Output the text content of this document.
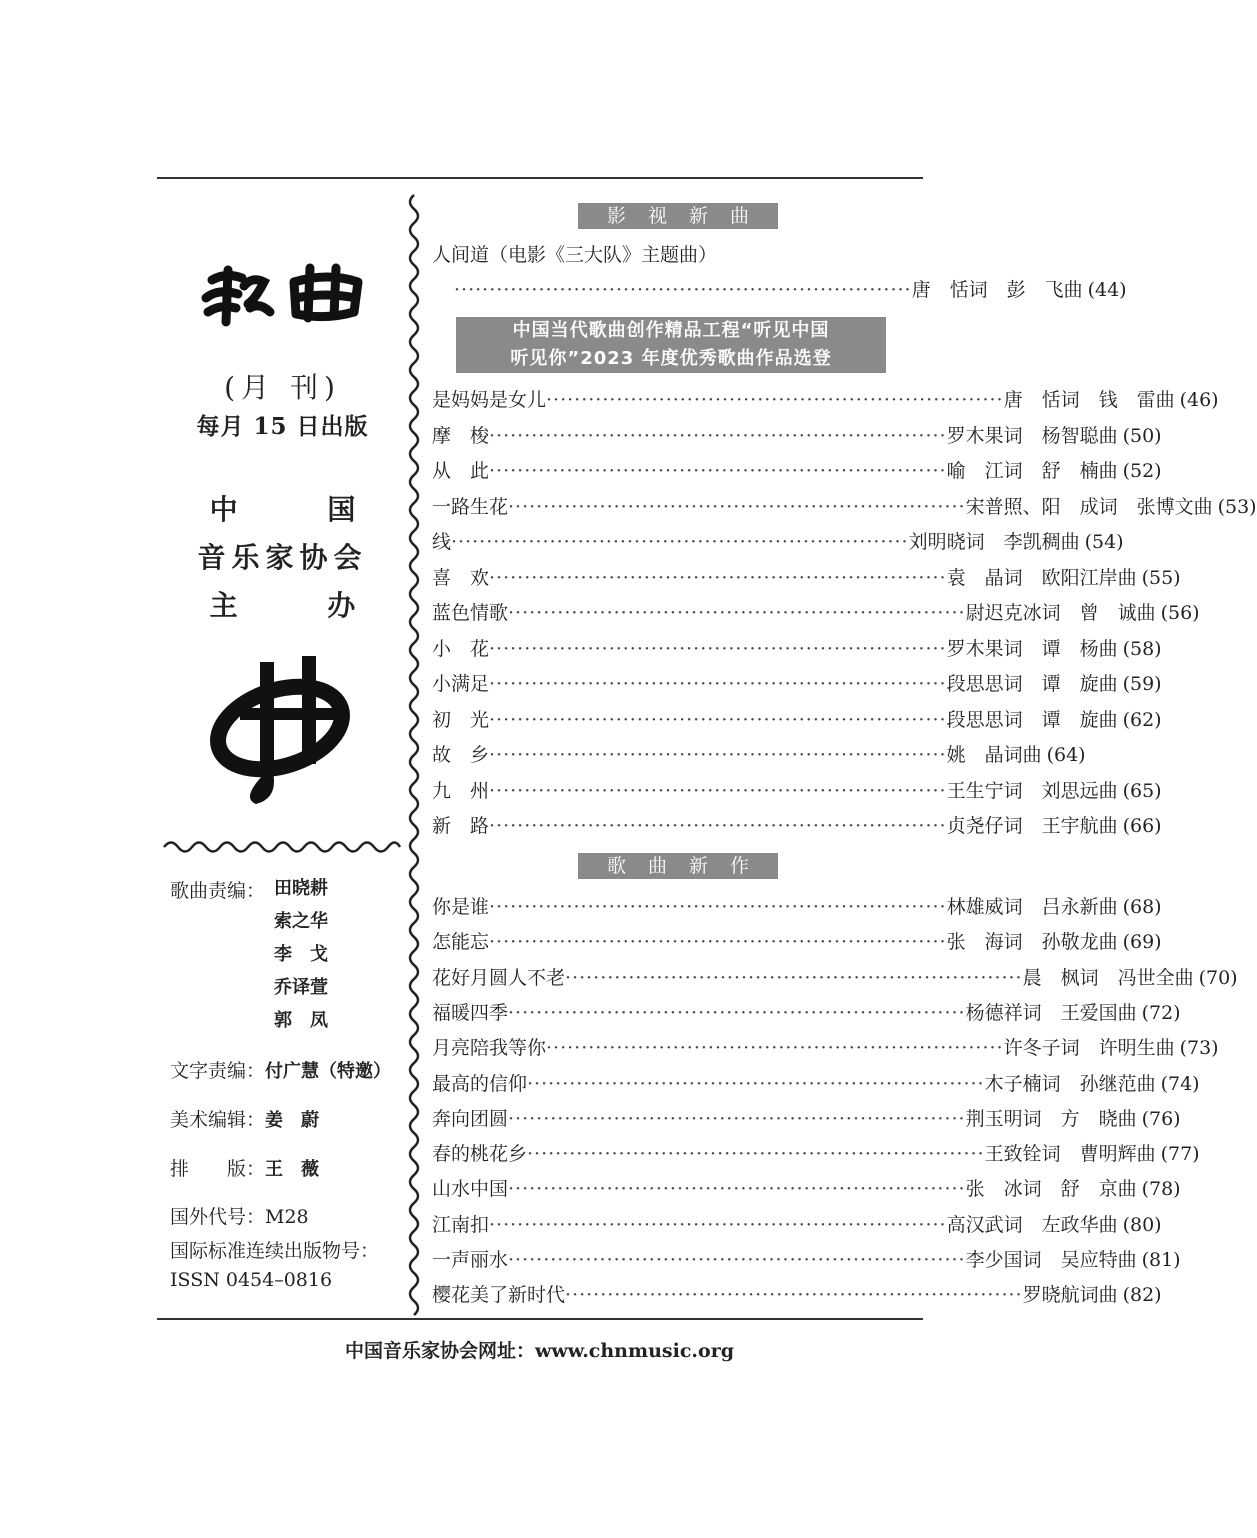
(月 刊)
每月 15 日出版
中 国
音乐家协会
主 办
歌曲责编： 田晓耕
索之华
李　戈
乔译萱
郭　凤
文字责编：付广慧（特邀）
美术编辑：姜　蔚
排　　版：王　薇
国外代号：M28
国际标准连续出版物号：
ISSN 0454–0816
影视新曲
人间道（电影《三大队》主题曲）
································································· 唐　恬词　彭　飞曲 (44)
中国当代歌曲创作精品工程“听见中国
听见你”2023 年度优秀歌曲作品选登
是妈妈是女儿 ································································· 唐　恬词　钱　雷曲 (46)
摩　梭 ································································· 罗木果词　杨智聪曲 (50)
从　此 ································································· 喻　江词　舒　楠曲 (52)
一路生花 ································································· 宋普照、阳　成词　张博文曲 (53)
线 ································································· 刘明晓词　李凯稠曲 (54)
喜　欢 ································································· 袁　晶词　欧阳江岸曲 (55)
蓝色情歌 ································································· 尉迟克冰词　曾　诚曲 (56)
小　花 ································································· 罗木果词　谭　杨曲 (58)
小满足 ································································· 段思思词　谭　旋曲 (59)
初　光 ································································· 段思思词　谭　旋曲 (62)
故　乡 ································································· 姚　晶词曲 (64)
九　州 ································································· 王生宁词　刘思远曲 (65)
新　路 ································································· 贞尧仔词　王宇航曲 (66)
歌曲新作
你是谁 ································································· 林雄威词　吕永新曲 (68)
怎能忘 ································································· 张　海词　孙敬龙曲 (69)
花好月圆人不老 ································································· 晨　枫词　冯世全曲 (70)
福暖四季 ································································· 杨德祥词　王爱国曲 (72)
月亮陪我等你 ································································· 许冬子词　许明生曲 (73)
最高的信仰 ································································· 木子楠词　孙继范曲 (74)
奔向团圆 ································································· 荆玉明词　方　晓曲 (76)
春的桃花乡 ································································· 王致铨词　曹明辉曲 (77)
山水中国 ································································· 张　冰词　舒　京曲 (78)
江南扣 ································································· 高汉武词　左政华曲 (80)
一声丽水 ································································· 李少国词　吴应特曲 (81)
樱花美了新时代 ································································· 罗晓航词曲 (82)
中国音乐家协会网址：www.chnmusic.org
